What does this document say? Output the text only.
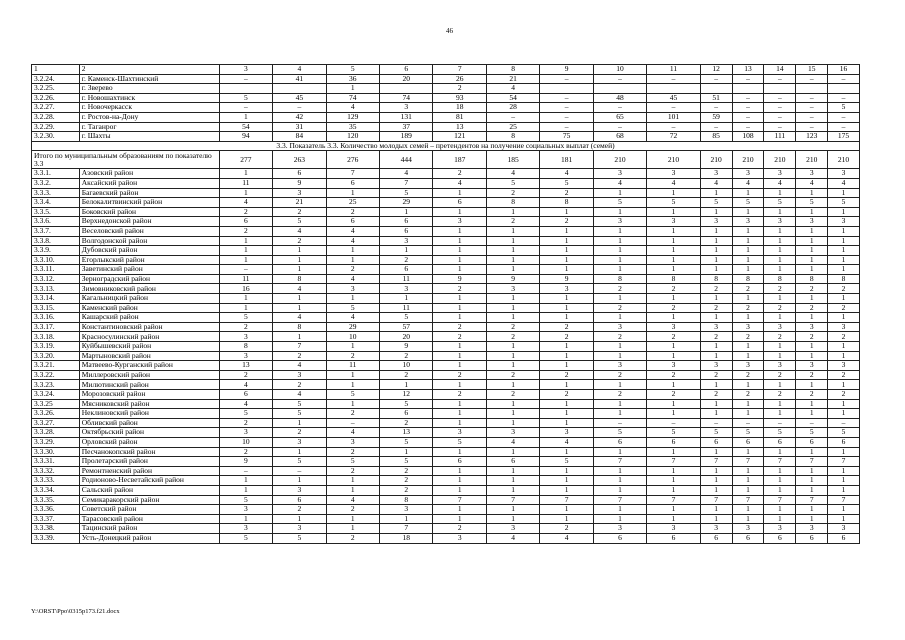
46
1	2	3	4	5	6	7	8	9	10	11	12	13	14	15	16
3.2.24.	г. Каменск-Шахтинский	–	41	36	20	26	21	–	–	–	–	–	–	–	–
3.2.25.	г. Зверево			1		2	4								
3.2.26.	г. Новошахтинск	5	45	74	74	93	54	–	48	45	51	–	–	–	–
3.2.27.	г. Новочеркасск	–	–	4	3	18	28	–	–	–	–	–	–	–	5
3.2.28.	г. Ростов-на-Дону	1	42	129	131	81	–	–	65	101	59	–	–	–	–
3.2.29.	г. Таганрог	54	31	35	37	13	25	–	–	–	–	–	–	–	–
3.2.30.	г. Шахты	94	84	120	189	121	8	75	68	72	85	108	111	123	175
3.3. Показатель 3.3. Количество молодых семей – претендентов на получение социальных выплат (семей)															
Итого по муниципальным образованиям по показателю 3.3		277	263	276	444	187	185	181	210	210	210	210	210	210	210
3.3.1.	Азовский район	1	6	7	4	2	4	4	3	3	3	3	3	3	3
3.3.2.	Аксайский район	11	9	6	7	4	5	5	4	4	4	4	4	4	4
3.3.3.	Багаевский район	1	3	1	5	1	2	2	1	1	1	1	1	1	1
3.3.4.	Белокалитвинский район	4	21	25	29	6	8	8	5	5	5	5	5	5	5
3.3.5.	Боковский район	2	2	2	1	1	1	1	1	1	1	1	1	1	1
3.3.6.	Верхнедонской район	6	5	6	6	3	2	2	3	3	3	3	3	3	3
3.3.7.	Веселовский район	2	4	4	6	1	1	1	1	1	1	1	1	1	1
3.3.8.	Волгодонской район	1	2	4	3	1	1	1	1	1	1	1	1	1	1
3.3.9.	Дубовский район	1	1	1	1	1	1	1	1	1	1	1	1	1	1
3.3.10.	Егорлыкский район	1	1	1	2	1	1	1	1	1	1	1	1	1	1
3.3.11.	Заветинский район	–	1	2	6	1	1	1	1	1	1	1	1	1	1
3.3.12.	Зерноградский район	11	8	4	11	9	9	9	8	8	8	8	8	8	8
3.3.13.	Зимовниковский район	16	4	3	3	2	3	3	2	2	2	2	2	2	2
3.3.14.	Кагальницкий район	1	1	1	1	1	1	1	1	1	1	1	1	1	1
3.3.15.	Каменский район	1	1	5	11	1	1	1	2	2	2	2	2	2	2
3.3.16.	Кашарский район	5	4	4	5	1	1	1	1	1	1	1	1	1	1
3.3.17.	Константиновский район	2	8	29	57	2	2	2	3	3	3	3	3	3	3
3.3.18.	Красносулинский район	3	1	10	20	2	2	2	2	2	2	2	2	2	2
3.3.19.	Куйбышевский район	8	7	1	9	1	1	1	1	1	1	1	1	1	1
3.3.20.	Мартыновский район	3	2	2	2	1	1	1	1	1	1	1	1	1	1
3.3.21.	Матвеево-Курганский район	13	4	11	10	1	1	1	3	3	3	3	3	3	3
3.3.22.	Миллеровский район	2	3	1	2	2	2	2	2	2	2	2	2	2	2
3.3.23.	Милютинский район	4	2	1	1	1	1	1	1	1	1	1	1	1	1
3.3.24.	Морозовский район	6	4	5	12	2	2	2	2	2	2	2	2	2	2
3.3.25	Мясниковский район	4	5	1	5	1	1	1	1	1	1	1	1	1	1
3.3.26.	Неклиновский район	5	5	2	6	1	1	1	1	1	1	1	1	1	1
3.3.27.	Обливский район	2	1	–	2	1	1	1	–	–	–	–	–	–	–
3.3.28.	Октябрьский район	3	2	4	13	3	3	3	5	5	5	5	5	5	5
3.3.29.	Орловский район	10	3	3	5	5	4	4	6	6	6	6	6	6	6
3.3.30.	Песчанокопский район	2	1	2	1	1	1	1	1	1	1	1	1	1	1
3.3.31.	Пролетарский район	9	5	5	5	6	6	5	7	7	7	7	7	7	7
3.3.32.	Ремонтненский район	–	–	2	2	1	1	1	1	1	1	1	1	1	1
3.3.33.	Родионово-Несветайский район	1	1	1	2	1	1	1	1	1	1	1	1	1	1
3.3.34.	Сальский район	1	3	1	2	1	1	1	1	1	1	1	1	1	1
3.3.35.	Семикаракорский район	5	6	4	8	7	7	7	7	7	7	7	7	7	7
3.3.36.	Советский район	3	2	2	3	1	1	1	1	1	1	1	1	1	1
3.3.37.	Тарасовский район	1	1	1	1	1	1	1	1	1	1	1	1	1	1
3.3.38.	Тацинский район	3	3	1	7	2	3	2	3	3	3	3	3	3	3
3.3.39.	Усть-Донецкий район	5	5	2	18	3	4	4	6	6	6	6	6	6	6
Y:\ORST\Ppo\0315p173.f21.docx
